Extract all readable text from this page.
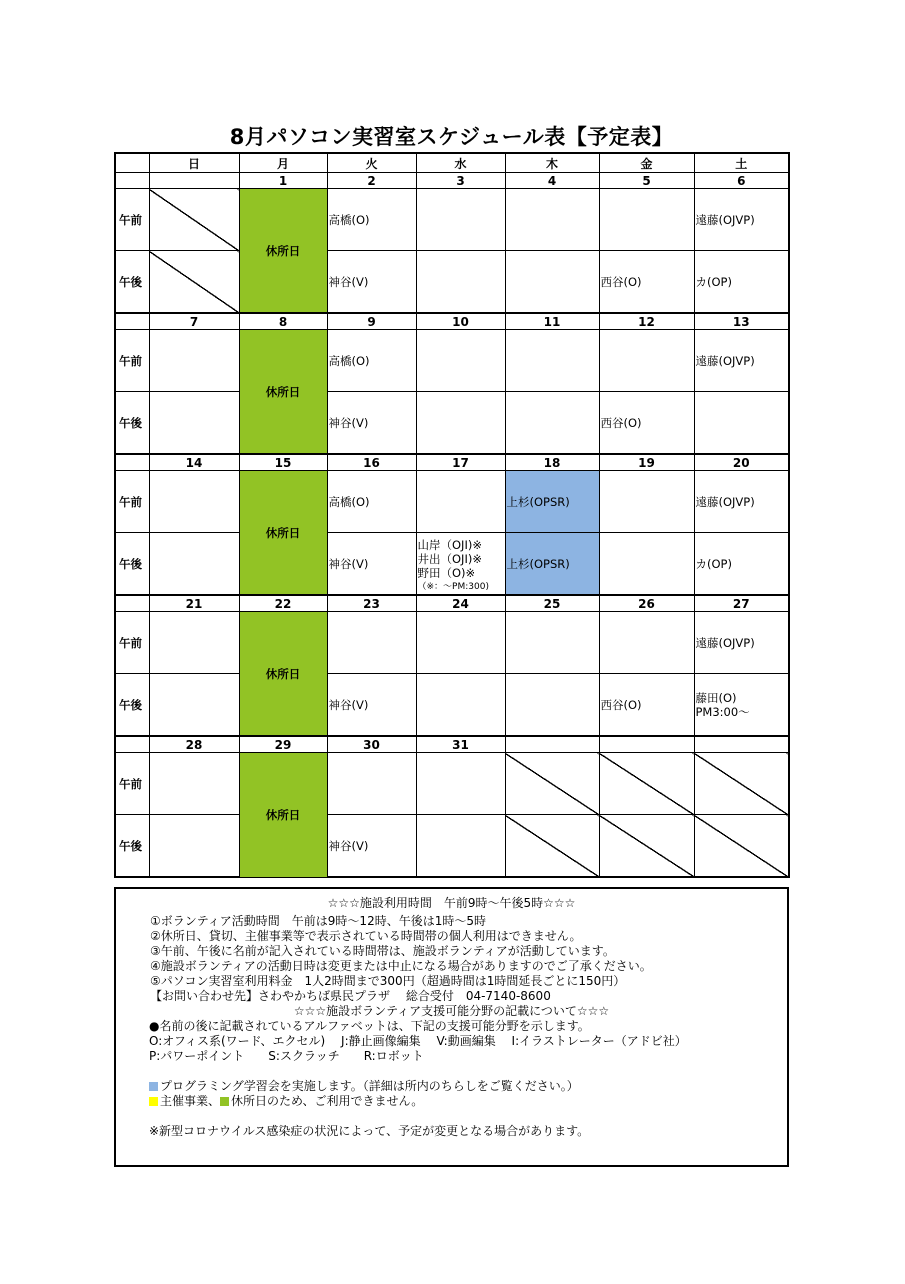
8月パソコン実習室スケジュール表【予定表】
	日	月	火	水	木	金	土
		1	2	3	4	5	6
午前		休所日	高橋(O)				遠藤(OJVP)
午後			神谷(V)			西谷(O)	カ(OP)
	7	8	9	10	11	12	13
午前		休所日	高橋(O)				遠藤(OJVP)
午後			神谷(V)			西谷(O)	
	14	15	16	17	18	19	20
午前		休所日	高橋(O)		上杉(OPSR)		遠藤(OJVP)
午後			神谷(V)	山岸（OJI)※
井出（OJI)※
野田（O)※
（※：～PM:300)	上杉(OPSR)		カ(OP)
	21	22	23	24	25	26	27
午前		休所日					遠藤(OJVP)
午後			神谷(V)			西谷(O)	藤田(O)
PM3:00～

	28	29	30	31			
午前		休所日					
午後			神谷(V)				
☆☆☆施設利用時間　午前9時～午後5時☆☆☆

①ボランティア活動時間　午前は9時～12時、午後は1時～5時

②休所日、貸切、主催事業等で表示されている時間帯の個人利用はできません。

③午前、午後に名前が記入されている時間帯は、施設ボランティアが活動しています。

④施設ボランティアの活動日時は変更または中止になる場合がありますのでご了承ください。

⑤パソコン実習室利用料金　1人2時間まで300円（超過時間は1時間延長ごとに150円）

【お問い合わせ先】さわやかちば県民プラザ　 総合受付　04-7140-8600

☆☆☆施設ボランティア支援可能分野の記載について☆☆☆

●名前の後に記載されているアルファベットは、下記の支援可能分野を示します。

O:オフィス系(ワード、エクセル)　 J:静止画像編集　 V:動画編集　 I:イラストレーター（アドビ社）

P:パワーポイント　　S:スクラッチ　　R:ロボット

プログラミング学習会を実施します。（詳細は所内のちらしをご覧ください。）

主催事業、 休所日のため、ご利用できません。

※新型コロナウイルス感染症の状況によって、予定が変更となる場合があります。
